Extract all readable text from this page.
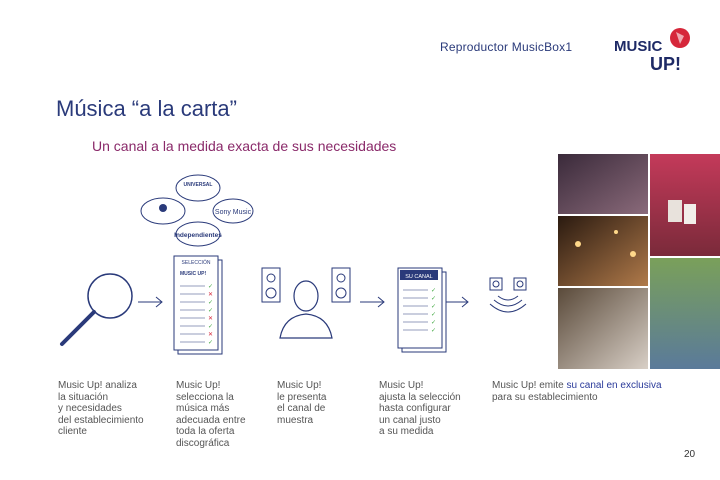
Reproductor MusicBox1	MUSIC
UP!
Música “a la carta”
Un canal a la medida exacta de sus necesidades
UNIVERSAL
Sony Music
Independientes
SELECCIÓN
MUSIC UP!
✓
✕
✓
✓
✕
✓
✕
✓
SU CANAL
✓
✓
✓
✓
✓
✓
Music Up! analiza
la situación
y necesidades
del establecimiento
cliente
Music Up!
selecciona la
música más
adecuada entre
toda la oferta
discográfica
Music Up!
le presenta
el canal de
muestra
Music Up!
ajusta la selección
hasta configurar
un canal justo
a su medida
Music Up! emite su canal en exclusiva
para su establecimiento
20
